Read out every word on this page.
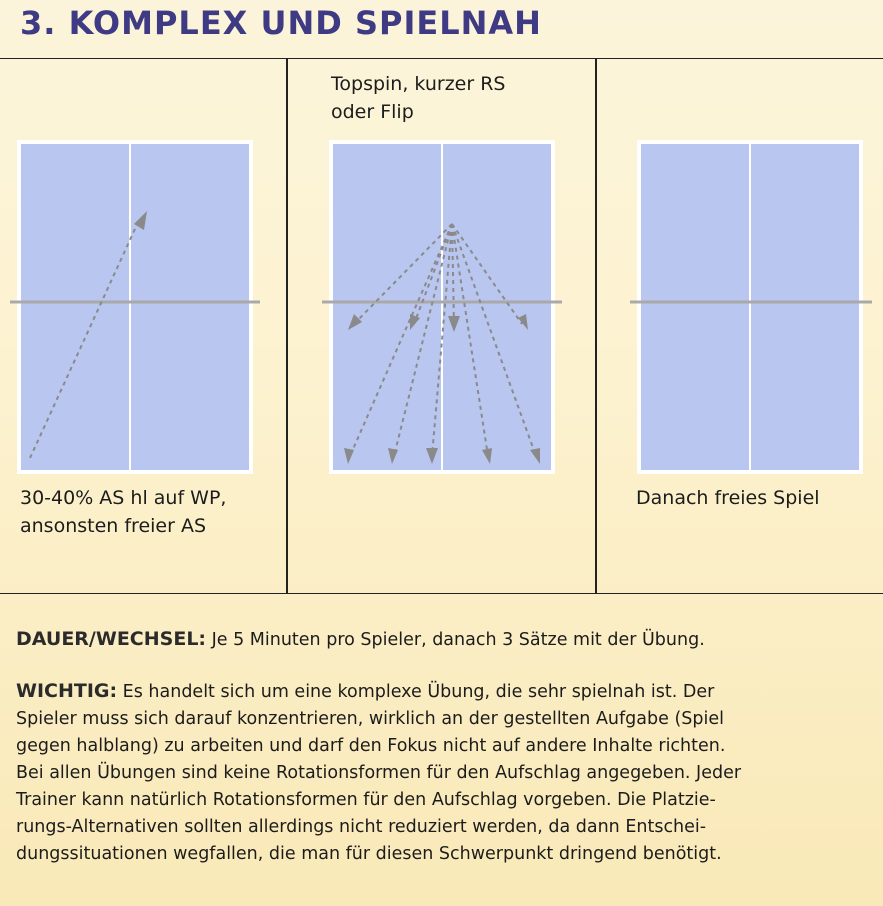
3. KOMPLEX UND SPIELNAH
30-40% AS hl auf WP,
ansonsten freier AS
Topspin, kurzer RS
oder Flip
Danach freies Spiel

DAUER/WECHSEL: Je 5 Minuten pro Spieler, danach 3 Sätze mit der Übung.

WICHTIG: Es handelt sich um eine komplexe Übung, die sehr spielnah ist. Der
Spieler muss sich darauf konzentrieren, wirklich an der gestellten Aufgabe (Spiel
gegen halblang) zu arbeiten und darf den Fokus nicht auf andere Inhalte richten.
Bei allen Übungen sind keine Rotationsformen für den Aufschlag angegeben. Jeder
Trainer kann natürlich Rotationsformen für den Aufschlag vorgeben. Die Platzie-
rungs-Alternativen sollten allerdings nicht reduziert werden, da dann Entschei-
dungssituationen wegfallen, die man für diesen Schwerpunkt dringend benötigt.
